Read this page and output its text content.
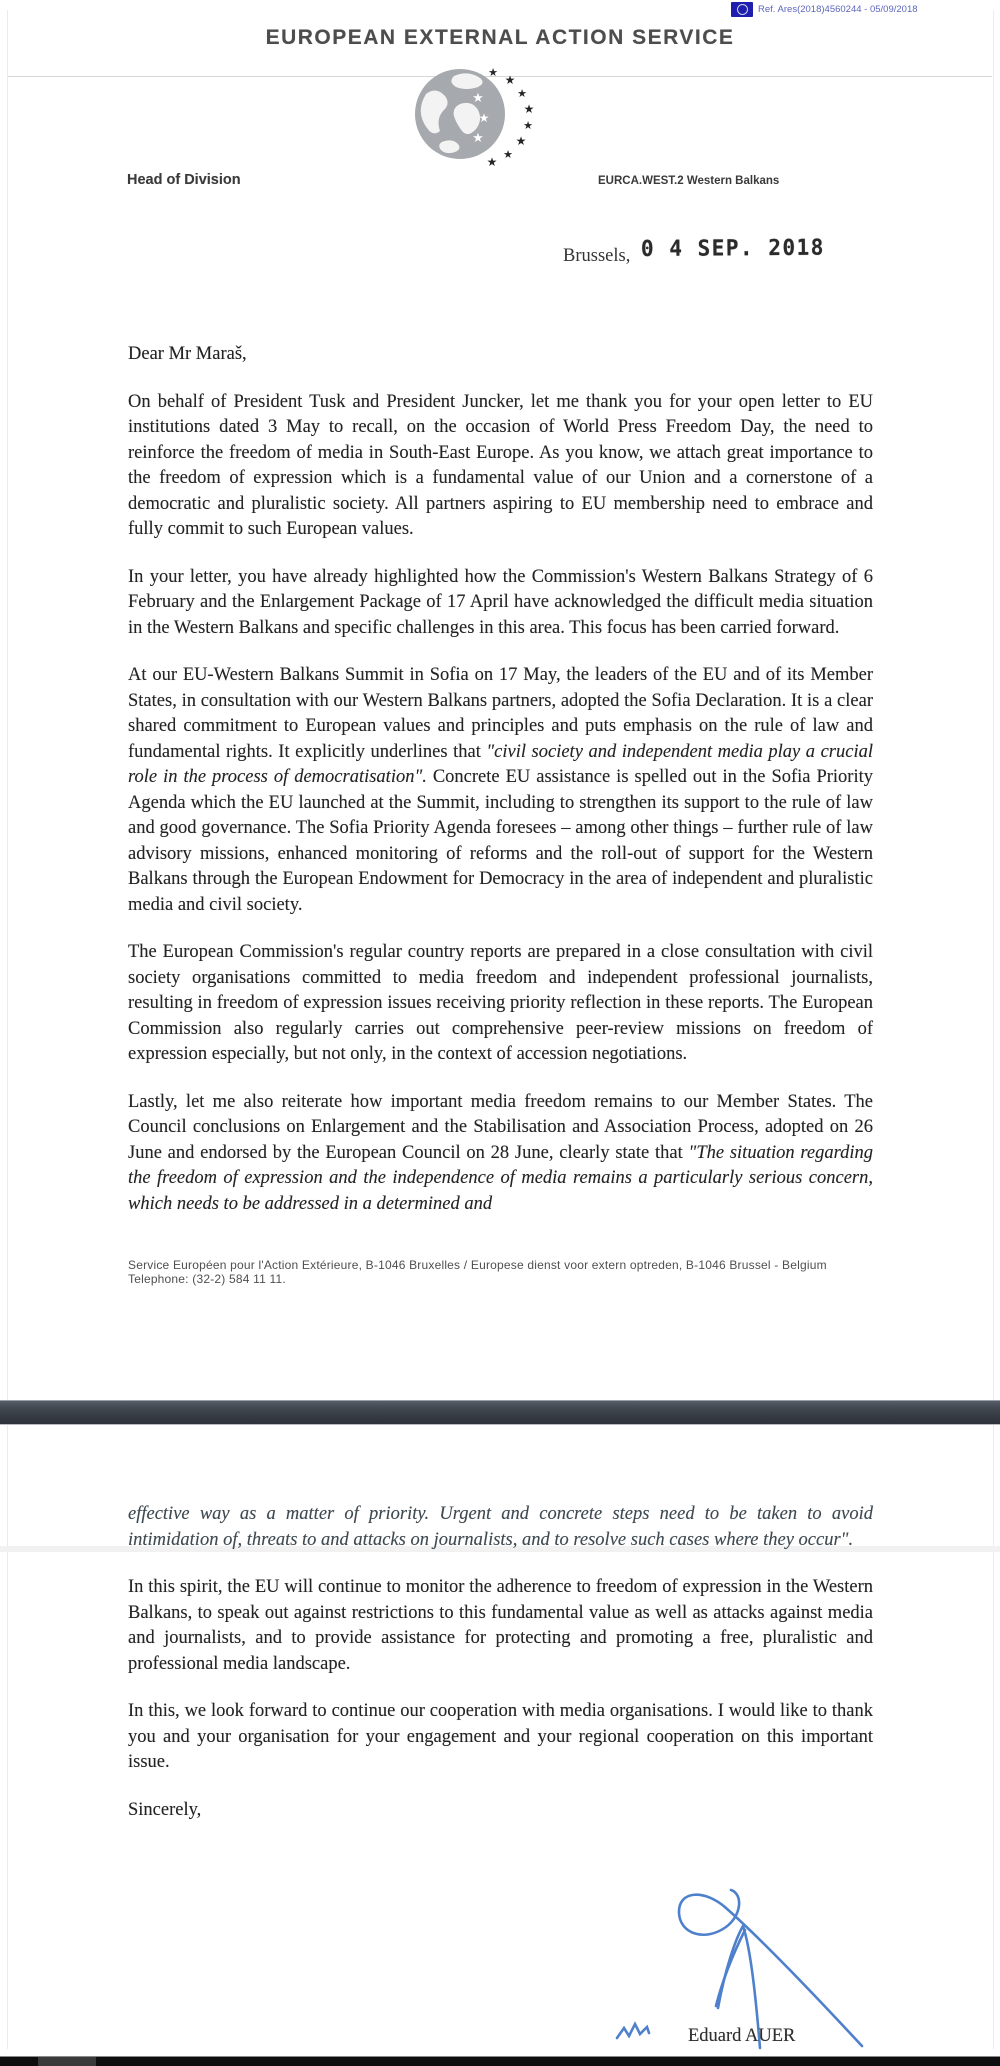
Ref. Ares(2018)4560244 - 05/09/2018
EUROPEAN EXTERNAL ACTION SERVICE
★
★
★
★ ★
★
★
★
★
★
★
Head of Division	EURCA.WEST.2 Western Balkans
Brussels, 0 4 SEP. 2018

Dear Mr Maraš,

On behalf of President Tusk and President Juncker, let me thank you for your open letter to EU institutions dated 3 May to recall, on the occasion of World Press Freedom Day, the need to reinforce the freedom of media in South-East Europe. As you know, we attach great importance to the freedom of expression which is a fundamental value of our Union and a cornerstone of a democratic and pluralistic society. All partners aspiring to EU membership need to embrace and fully commit to such European values.

In your letter, you have already highlighted how the Commission's Western Balkans Strategy of 6 February and the Enlargement Package of 17 April have acknowledged the difficult media situation in the Western Balkans and specific challenges in this area. This focus has been carried forward.

At our EU-Western Balkans Summit in Sofia on 17 May, the leaders of the EU and of its Member States, in consultation with our Western Balkans partners, adopted the Sofia Declaration. It is a clear shared commitment to European values and principles and puts emphasis on the rule of law and fundamental rights. It explicitly underlines that "civil society and independent media play a crucial role in the process of democratisation". Concrete EU assistance is spelled out in the Sofia Priority Agenda which the EU launched at the Summit, including to strengthen its support to the rule of law and good governance. The Sofia Priority Agenda foresees – among other things – further rule of law advisory missions, enhanced monitoring of reforms and the roll-out of support for the Western Balkans through the European Endowment for Democracy in the area of independent and pluralistic media and civil society.

The European Commission's regular country reports are prepared in a close consultation with civil society organisations committed to media freedom and independent professional journalists, resulting in freedom of expression issues receiving priority reflection in these reports. The European Commission also regularly carries out comprehensive peer-review missions on freedom of expression especially, but not only, in the context of accession negotiations.

Lastly, let me also reiterate how important media freedom remains to our Member States. The Council conclusions on Enlargement and the Stabilisation and Association Process, adopted on 26 June and endorsed by the European Council on 28 June, clearly state that "The situation regarding the freedom of expression and the independence of media remains a particularly serious concern, which needs to be addressed in a determined and

Service Européen pour l'Action Extérieure, B-1046 Bruxelles / Europese dienst voor extern optreden, B-1046 Brussel - Belgium
Telephone: (32-2) 584 11 11.

effective way as a matter of priority. Urgent and concrete steps need to be taken to avoid intimidation of, threats to and attacks on journalists, and to resolve such cases where they occur".

In this spirit, the EU will continue to monitor the adherence to freedom of expression in the Western Balkans, to speak out against restrictions to this fundamental value as well as attacks against media and journalists, and to provide assistance for protecting and promoting a free, pluralistic and professional media landscape.

In this, we look forward to continue our cooperation with media organisations. I would like to thank you and your organisation for your engagement and your regional cooperation on this important issue.

Sincerely,

Eduard AUER
